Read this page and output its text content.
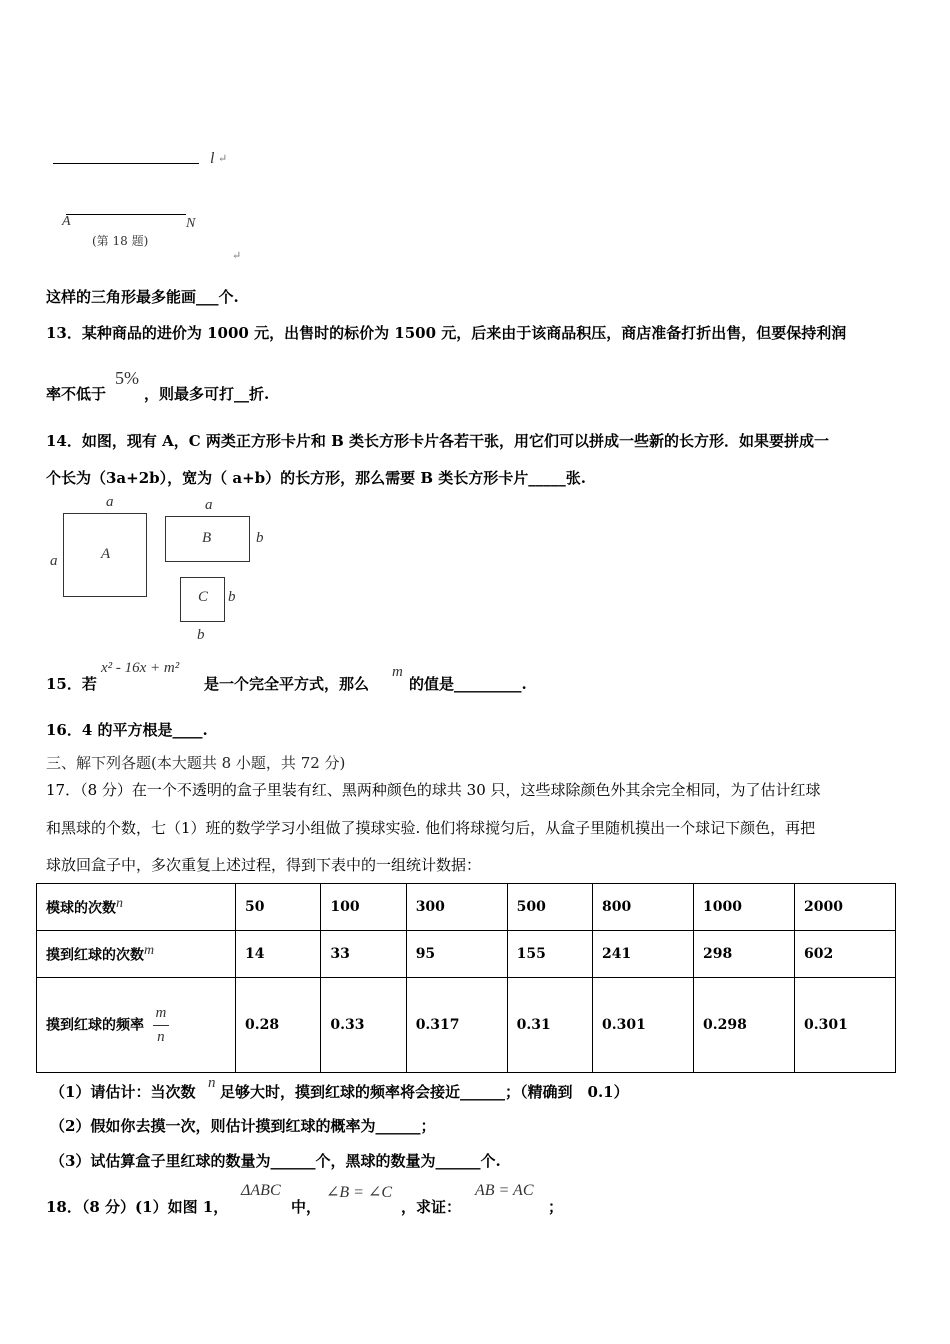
l ↵
A	N
(第 18 题)
↵
这样的三角形最多能画___个.
13．某种商品的进价为 1000 元，出售时的标价为 1500 元，后来由于该商品积压，商店准备打折出售，但要保持利润
率不低于
5%
，则最多可打__折.
14．如图，现有 A，C 两类正方形卡片和 B 类长方形卡片各若干张，用它们可以拼成一些新的长方形．如果要拼成一
个长为（3a+2b），宽为（ a+b）的长方形，那么需要 B 类长方形卡片_____张.
a
a	A
a
B	b
C b
b
15．若
x² - 16x + m²
是一个完全平方式，那么
m
的值是_________.
16．4 的平方根是____.
三、解下列各题(本大题共 8 小题，共 72 分)
17．（8 分）在一个不透明的盒子里装有红、黑两种颜色的球共 30 只，这些球除颜色外其余完全相同，为了估计红球
和黑球的个数，七（1）班的数学学习小组做了摸球实验. 他们将球搅匀后，从盒子里随机摸出一个球记下颜色，再把
球放回盒子中，多次重复上述过程，得到下表中的一组统计数据：
模球的次数n	50	100	300	500	800	1000	2000
摸到红球的次数m	14	33	95	155	241	298	602
摸到红球的频率 $\frac{m}{n}$	0.28	0.33	0.317	0.31	0.301	0.298	0.301
（1）请估计：当次数 n 足够大时，摸到红球的频率将会接近______；（精确到　0.1）
（2）假如你去摸一次，则估计摸到红球的概率为______；
（3）试估算盒子里红球的数量为______个，黑球的数量为______个.
18．（8 分）(1）如图 1，
ΔABC
中，
∠B = ∠C
，求证：
AB = AC
；
